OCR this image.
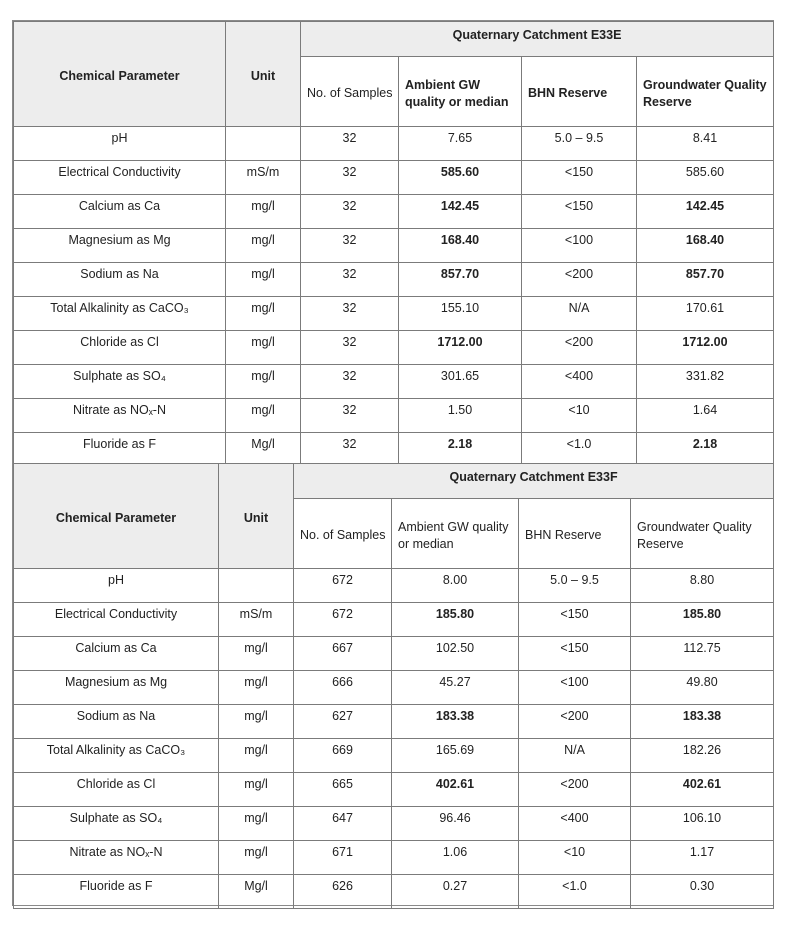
Chemical Parameter	Unit	Quaternary Catchment E33E			
		No. of Samples	Ambient GW quality or median	BHN Reserve	Groundwater Quality Reserve
pH		32	7.65	5.0 – 9.5	8.41
Electrical Conductivity	mS/m	32	585.60	<150	585.60
Calcium as Ca	mg/l	32	142.45	<150	142.45
Magnesium as Mg	mg/l	32	168.40	<100	168.40
Sodium as Na	mg/l	32	857.70	<200	857.70
Total Alkalinity as CaCO₃	mg/l	32	155.10	N/A	170.61
Chloride as Cl	mg/l	32	1712.00	<200	1712.00
Sulphate as SO₄	mg/l	32	301.65	<400	331.82
Nitrate as NOₓ-N	mg/l	32	1.50	<10	1.64
Fluoride as F	Mg/l	32	2.18	<1.0	2.18
Chemical Parameter	Unit	Quaternary Catchment E33F			
		No. of Samples	Ambient GW quality or median	BHN Reserve	Groundwater Quality Reserve
pH		672	8.00	5.0 – 9.5	8.80
Electrical Conductivity	mS/m	672	185.80	<150	185.80
Calcium as Ca	mg/l	667	102.50	<150	112.75
Magnesium as Mg	mg/l	666	45.27	<100	49.80
Sodium as Na	mg/l	627	183.38	<200	183.38
Total Alkalinity as CaCO₃	mg/l	669	165.69	N/A	182.26
Chloride as Cl	mg/l	665	402.61	<200	402.61
Sulphate as SO₄	mg/l	647	96.46	<400	106.10
Nitrate as NOₓ-N	mg/l	671	1.06	<10	1.17
Fluoride as F	Mg/l	626	0.27	<1.0	0.30
